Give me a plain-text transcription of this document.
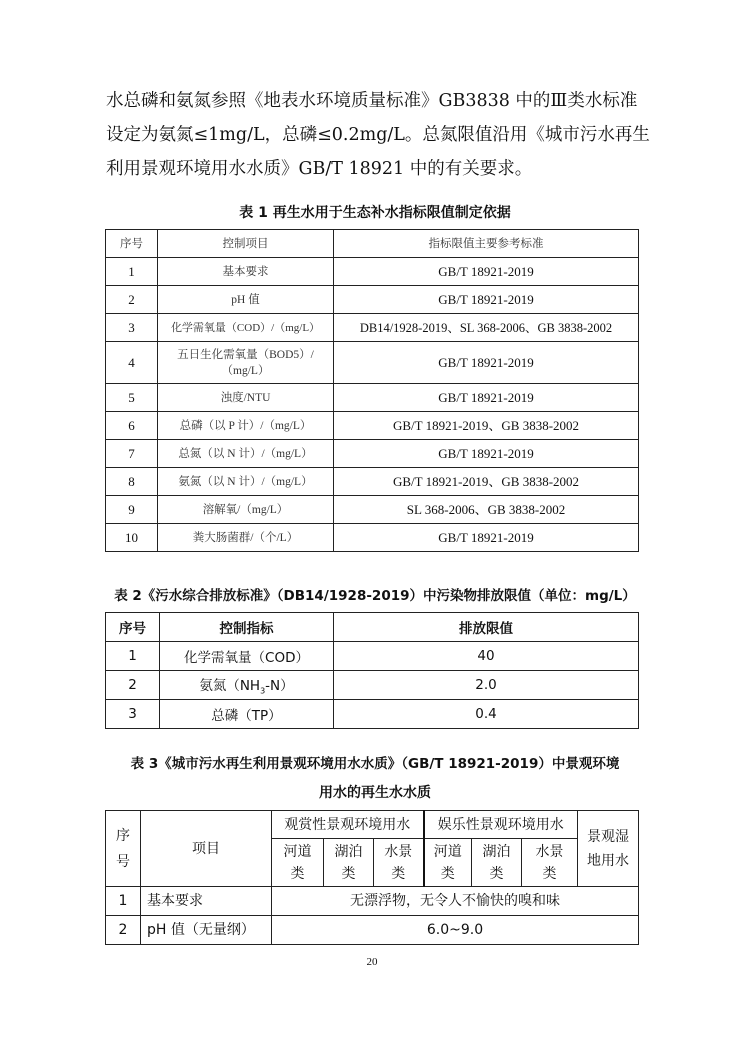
水总磷和氨氮参照《地表水环境质量标准》GB3838 中的Ⅲ类水标准
设定为氨氮≤1mg/L，总磷≤0.2mg/L。总氮限值沿用《城市污水再生
利用景观环境用水水质》GB/T 18921 中的有关要求。
表 1 再生水用于生态补水指标限值制定依据
序号	控制项目	指标限值主要参考标准
1	基本要求	GB/T 18921-2019
2	pH 值	GB/T 18921-2019
3	化学需氧量（COD）/（mg/L）	DB14/1928-2019、SL 368-2006、GB 3838-2002
4	五日生化需氧量（BOD5）/
（mg/L）	GB/T 18921-2019
5	浊度/NTU	GB/T 18921-2019
6	总磷（以 P 计）/（mg/L）	GB/T 18921-2019、GB 3838-2002
7	总氮（以 N 计）/（mg/L）	GB/T 18921-2019
8	氨氮（以 N 计）/（mg/L）	GB/T 18921-2019、GB 3838-2002
9	溶解氧/（mg/L）	SL 368-2006、GB 3838-2002
10	粪大肠菌群/（个/L）	GB/T 18921-2019
表 2《污水综合排放标准》（DB14/1928-2019）中污染物排放限值（单位：mg/L）
序号	控制指标	排放限值
1	化学需氧量（COD）	40
2	氨氮$(NH_3-N)$	2.0
3	总磷（TP）	0.4
表 3《城市污水再生利用景观环境用水水质》（GB/T 18921-2019）中景观环境
用水的再生水水质
序号	项目	观赏性景观环境用水			娱乐性景观环境用水			景观湿地用水

		河道类	湖泊类	水景类	河道类	湖泊类	水景类	

1	基本要求	无漂浮物，无令人不愉快的嗅和味						
2	pH 值（无量纲）	6.0~9.0						
20
